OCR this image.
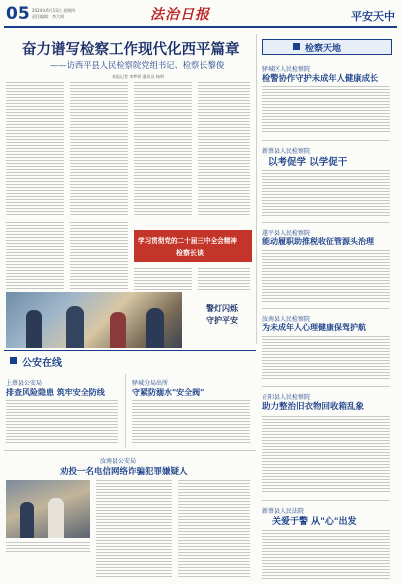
05 2024年6月13日 星期四
责任编辑：李大明	法治日报	平安天中
奋力谱写检察工作现代化西平篇章
——访西平县人民检察院党组书记、检察长黎俊
本报记者 李梦妍 通讯员 杨明
检察天地
驿城区人民检察院
检警协作守护未成年人健康成长
新蔡县人民检察院
以考促学 以学促干
遂平县人民检察院
能动履职助推税收征管源头治理
汝南县人民检察院
为未成年人心理健康保驾护航
正阳县人民检察院
助力整治旧衣物回收箱乱象
新蔡县人民法院
关爱于警 从"心"出发
学习贯彻党的二十届三中全会精神
检察长谈
警灯闪烁
守护平安
公安在线
上蔡县公安局
排查风险隐患 筑牢安全防线
驿城分局出所
守紧防溺水"安全阀"
汝南县公安局
劝投一名电信网络诈骗犯罪嫌疑人
